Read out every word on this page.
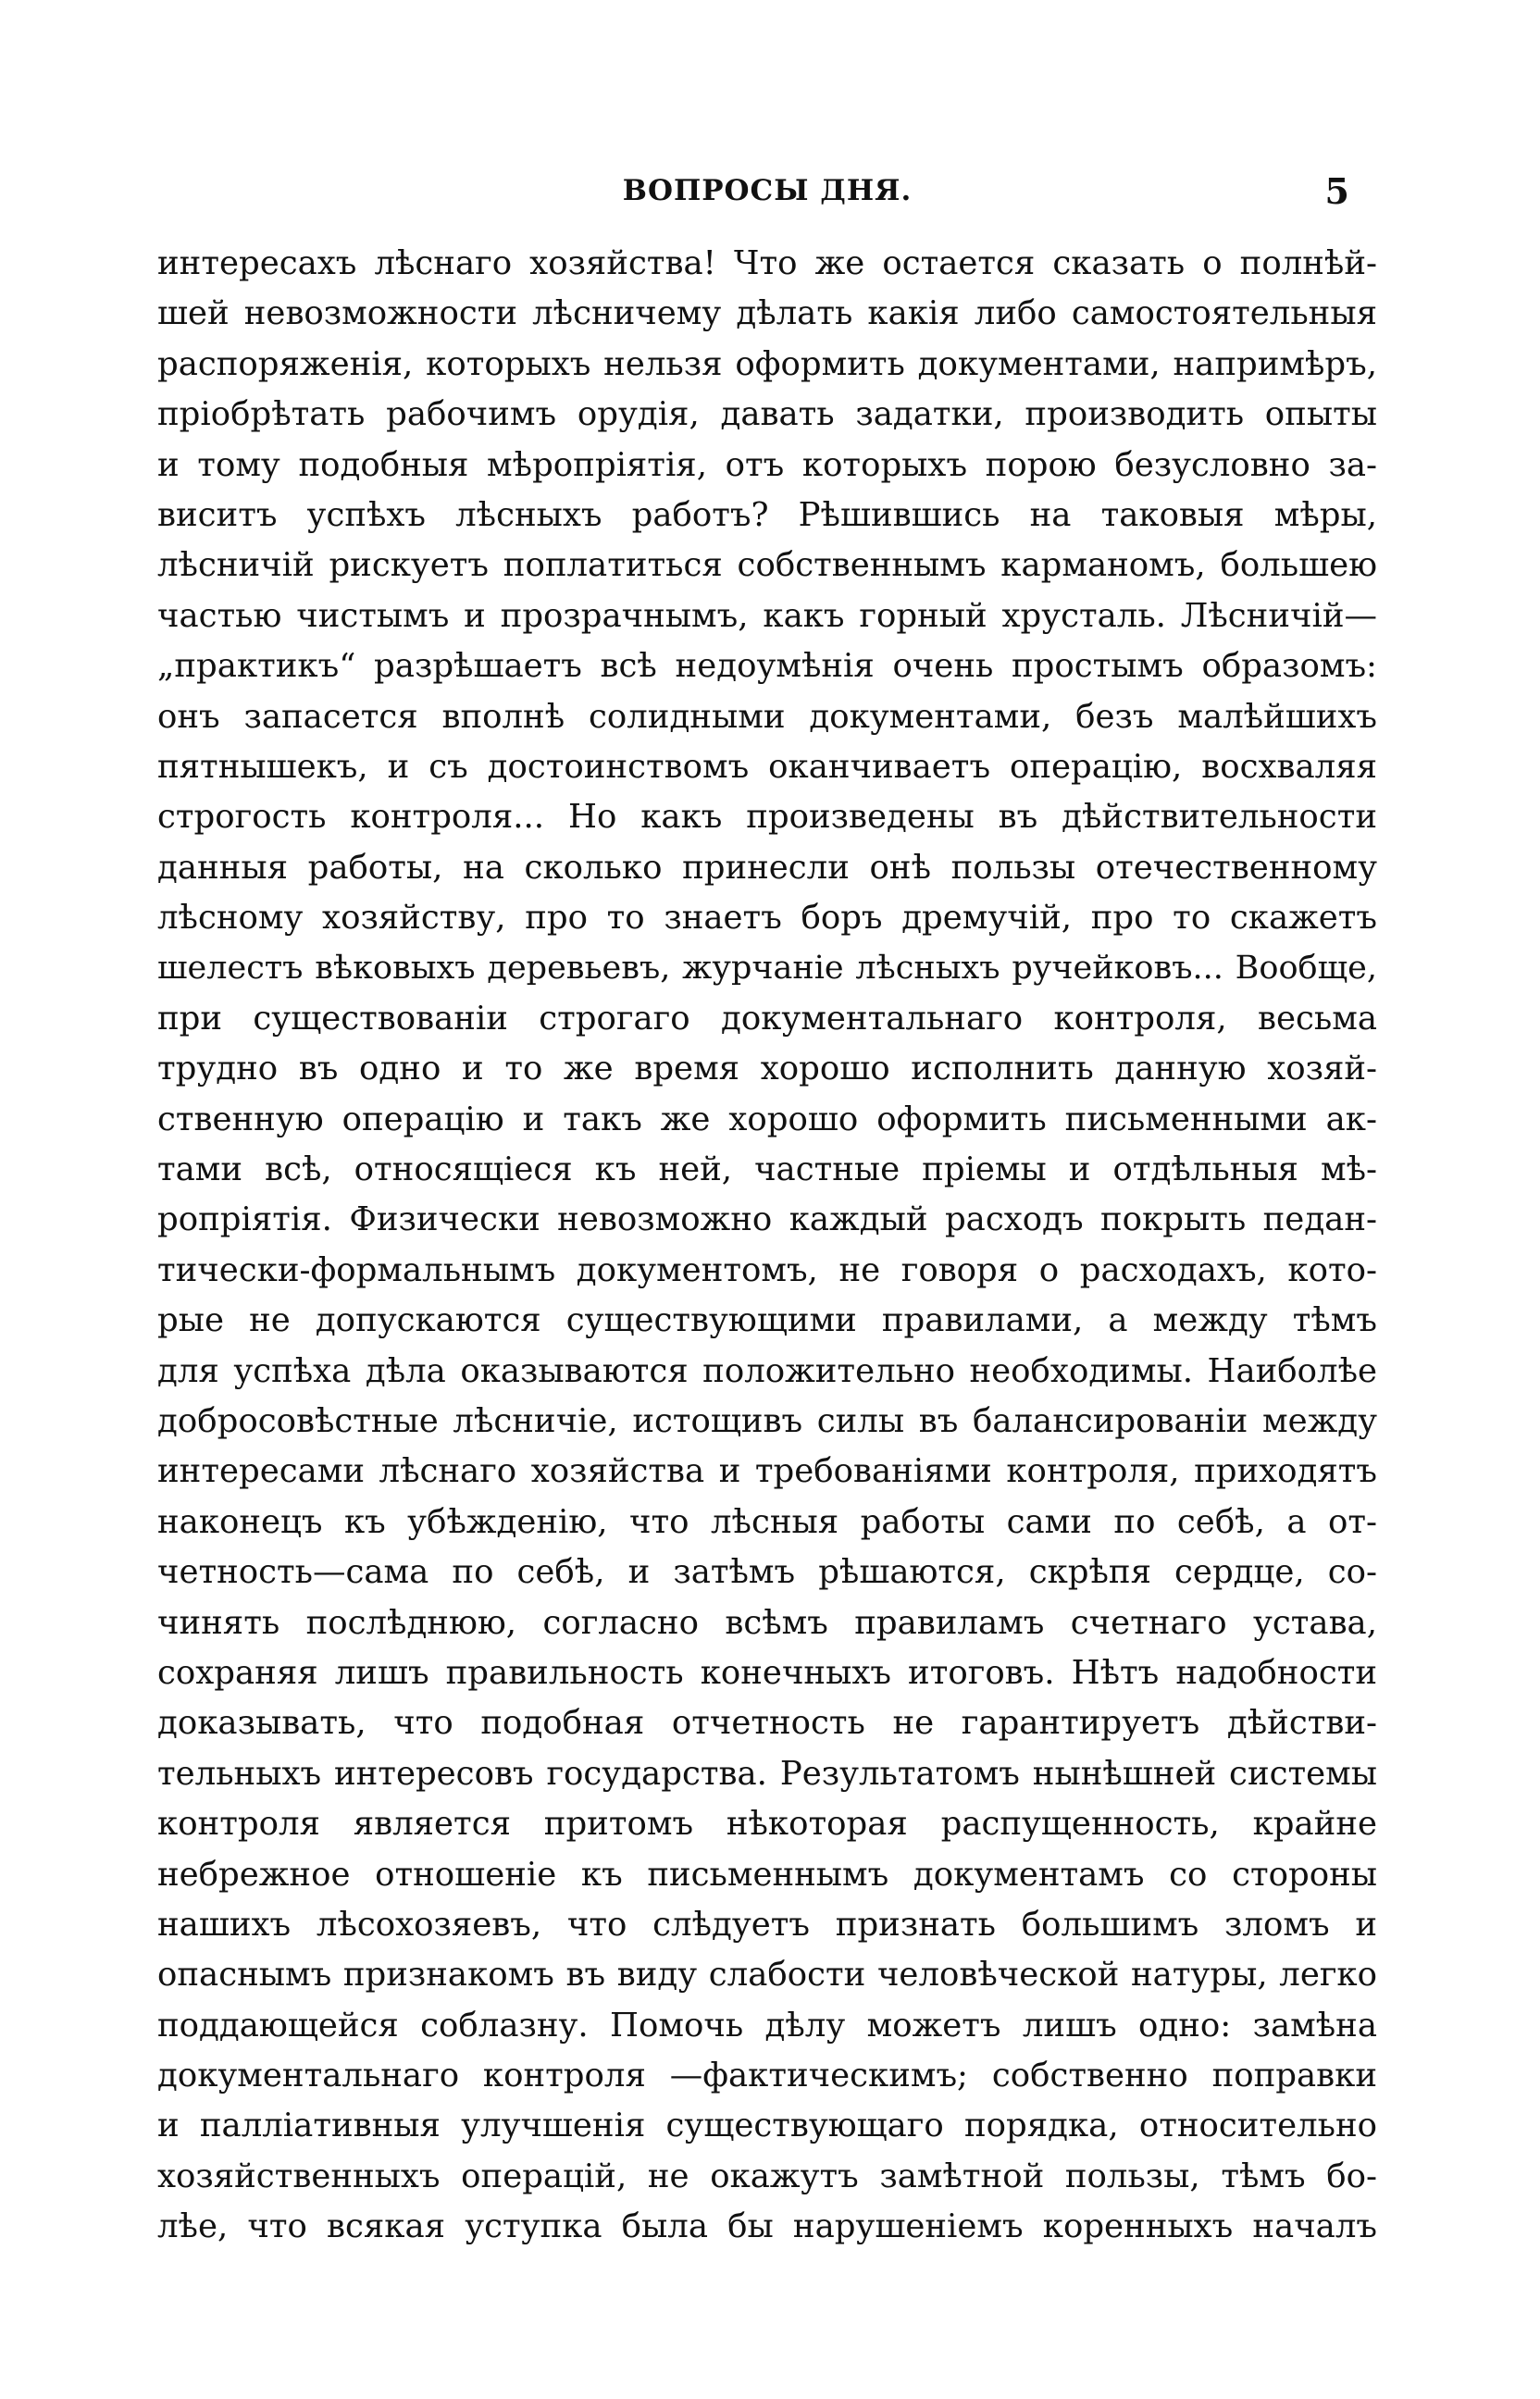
ВОПРОСЫ ДНЯ.	5
интересахъ лѣснаго хозяйства! Что же остается сказать о полнѣй-
шей невозможности лѣсничему дѣлать какія либо самостоятельныя
распоряженія, которыхъ нельзя оформить документами, напримѣръ,
пріобрѣтать рабочимъ орудія, давать задатки, производить опыты
и тому подобныя мѣропріятія, отъ которыхъ порою безусловно за-
виситъ успѣхъ лѣсныхъ работъ? Рѣшившись на таковыя мѣры,
лѣсничій рискуетъ поплатиться собственнымъ карманомъ, большею
частью чистымъ и прозрачнымъ, какъ горный хрусталь. Лѣсничій—
„практикъ“ разрѣшаетъ всѣ недоумѣнія очень простымъ образомъ:
онъ запасется вполнѣ солидными документами, безъ малѣйшихъ
пятнышекъ, и съ достоинствомъ оканчиваетъ операцію, восхваляя
строгость контроля... Но какъ произведены въ дѣйствительности
данныя работы, на сколько принесли онѣ пользы отечественному
лѣсному хозяйству, про то знаетъ боръ дремучій, про то скажетъ
шелестъ вѣковыхъ деревьевъ, журчаніе лѣсныхъ ручейковъ... Вообще,
при существованіи строгаго документальнаго контроля, весьма
трудно въ одно и то же время хорошо исполнить данную хозяй-
ственную операцію и такъ же хорошо оформить письменными ак-
тами всѣ, относящіеся къ ней, частные пріемы и отдѣльныя мѣ-
ропріятія. Физически невозможно каждый расходъ покрыть педан-
тически-формальнымъ документомъ, не говоря о расходахъ, кото-
рые не допускаются существующими правилами, а между тѣмъ
для успѣха дѣла оказываются положительно необходимы. Наиболѣе
добросовѣстные лѣсничіе, истощивъ силы въ балансированіи между
интересами лѣснаго хозяйства и требованіями контроля, приходятъ
наконецъ къ убѣжденію, что лѣсныя работы сами по себѣ, а от-
четность—сама по себѣ, и затѣмъ рѣшаются, скрѣпя сердце, со-
чинять послѣднюю, согласно всѣмъ правиламъ счетнаго устава,
сохраняя лишъ правильность конечныхъ итоговъ. Нѣтъ надобности
доказывать, что подобная отчетность не гарантируетъ дѣйстви-
тельныхъ интересовъ государства. Результатомъ нынѣшней системы
контроля является притомъ нѣкоторая распущенность, крайне
небрежное отношеніе къ письменнымъ документамъ со стороны
нашихъ лѣсохозяевъ, что слѣдуетъ признать большимъ зломъ и
опаснымъ признакомъ въ виду слабости человѣческой натуры, легко
поддающейся соблазну. Помочь дѣлу можетъ лишъ одно: замѣна
документальнаго контроля —фактическимъ; собственно поправки
и палліативныя улучшенія существующаго порядка, относительно
хозяйственныхъ операцій, не окажутъ замѣтной пользы, тѣмъ бо-
лѣе, что всякая уступка была бы нарушеніемъ коренныхъ началъ
